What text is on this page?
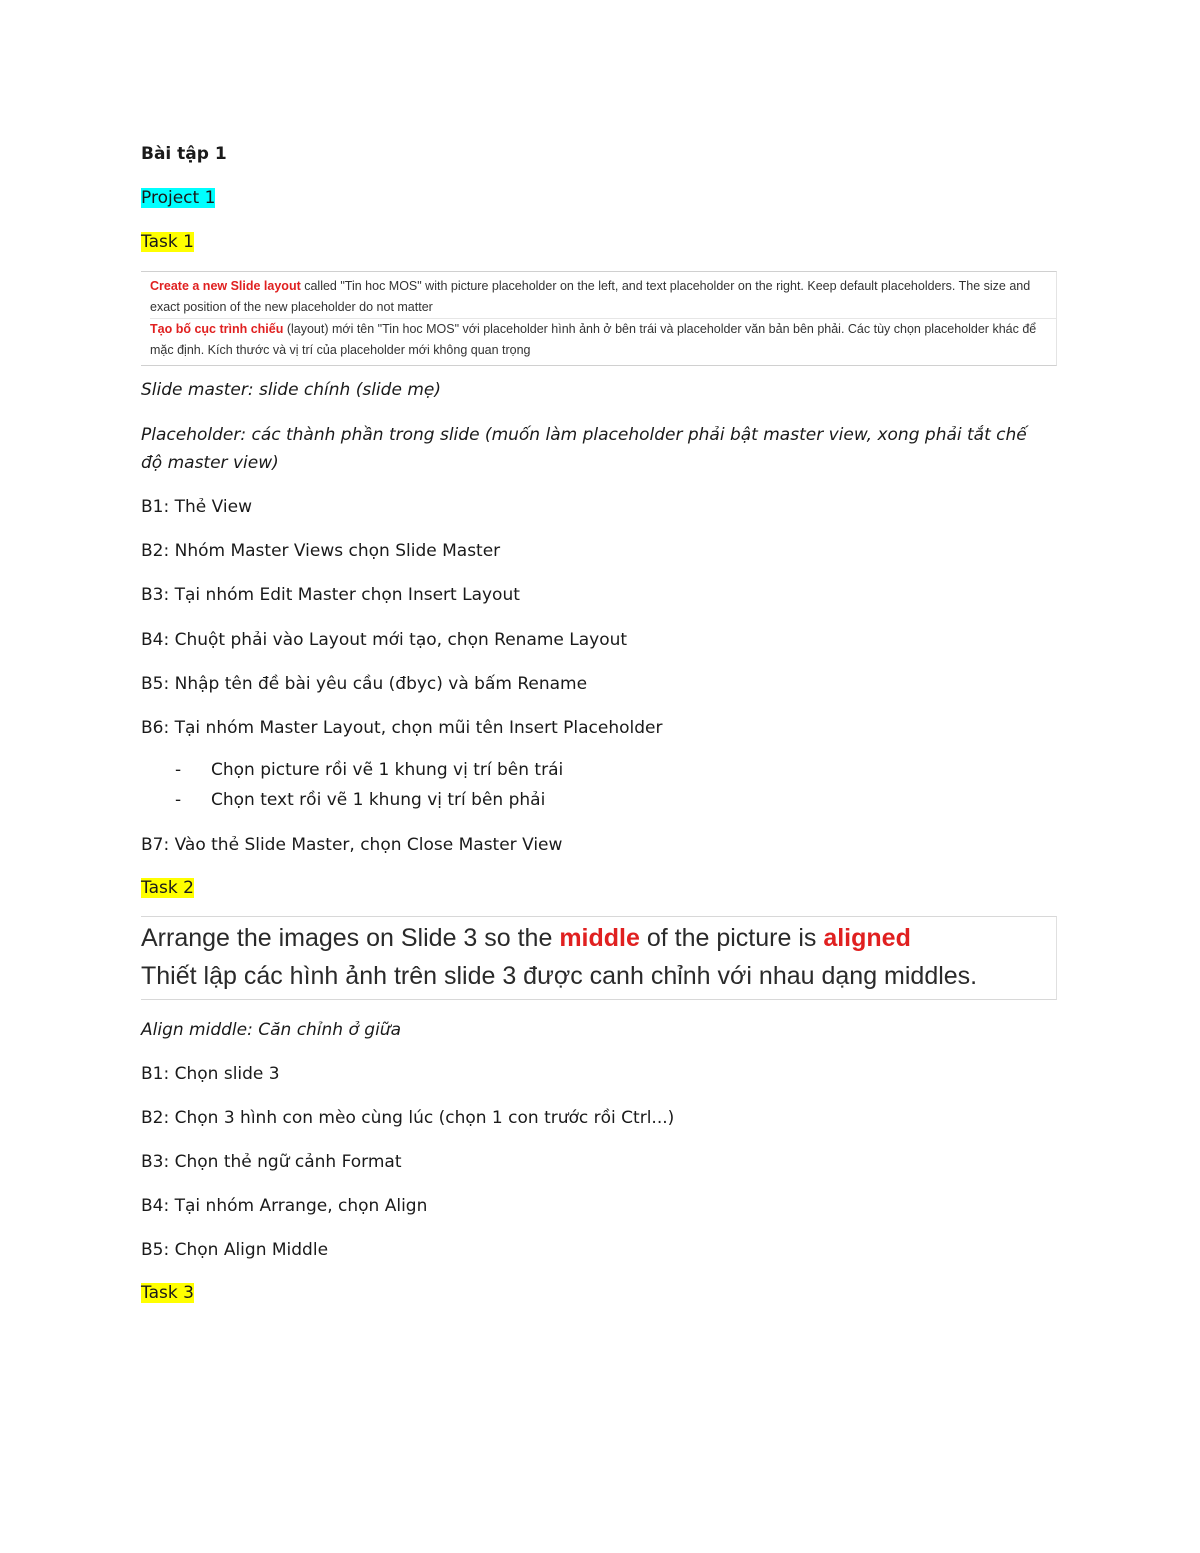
Bài tập 1

Project 1

Task 1

Create a new Slide layout called "Tin hoc MOS" with picture placeholder on the left, and text placeholder on the right. Keep default placeholders. The size and exact position of the new placeholder do not matter

Tạo bố cục trình chiếu (layout) mới tên "Tin hoc MOS" với placeholder hình ảnh ở bên trái và placeholder văn bản bên phải. Các tùy chọn placeholder khác để mặc định. Kích thước và vị trí của placeholder mới không quan trọng

Slide master: slide chính (slide mẹ)

Placeholder: các thành phần trong slide (muốn làm placeholder phải bật master view, xong phải tắt chế độ master view)

B1: Thẻ View

B2: Nhóm Master Views chọn Slide Master

B3: Tại nhóm Edit Master chọn Insert Layout

B4: Chuột phải vào Layout mới tạo, chọn Rename Layout

B5: Nhập tên đề bài yêu cầu (đbyc) và bấm Rename

B6: Tại nhóm Master Layout, chọn mũi tên Insert Placeholder

- Chọn picture rồi vẽ 1 khung vị trí bên trái
- Chọn text rồi vẽ 1 khung vị trí bên phải

B7: Vào thẻ Slide Master, chọn Close Master View

Task 2

Arrange the images on Slide 3 so the middle of the picture is aligned

Thiết lập các hình ảnh trên slide 3 được canh chỉnh với nhau dạng middles.

Align middle: Căn chỉnh ở giữa

B1: Chọn slide 3

B2: Chọn 3 hình con mèo cùng lúc (chọn 1 con trước rồi Ctrl...)

B3: Chọn thẻ ngữ cảnh Format

B4: Tại nhóm Arrange, chọn Align

B5: Chọn Align Middle

Task 3
